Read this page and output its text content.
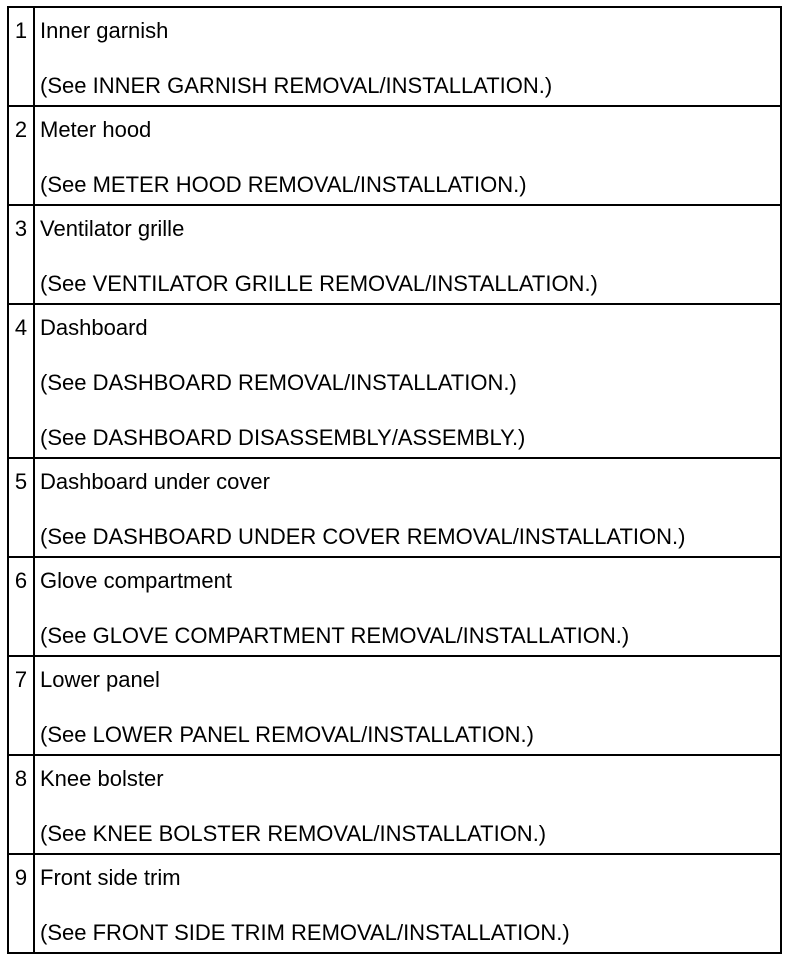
1	Inner garnish
(See INNER GARNISH REMOVAL/INSTALLATION.)

2	Meter hood
(See METER HOOD REMOVAL/INSTALLATION.)

3	Ventilator grille
(See VENTILATOR GRILLE REMOVAL/INSTALLATION.)

4	Dashboard
(See DASHBOARD REMOVAL/INSTALLATION.)
(See DASHBOARD DISASSEMBLY/ASSEMBLY.)

5	Dashboard under cover
(See DASHBOARD UNDER COVER REMOVAL/INSTALLATION.)

6	Glove compartment
(See GLOVE COMPARTMENT REMOVAL/INSTALLATION.)

7	Lower panel
(See LOWER PANEL REMOVAL/INSTALLATION.)

8	Knee bolster
(See KNEE BOLSTER REMOVAL/INSTALLATION.)

9	Front side trim
(See FRONT SIDE TRIM REMOVAL/INSTALLATION.)
